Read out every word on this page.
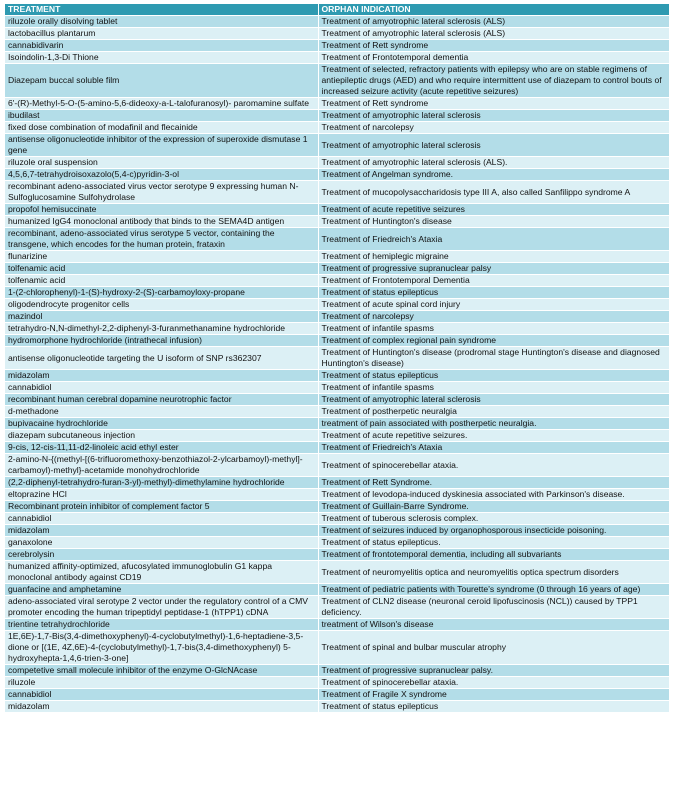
TREATMENT	ORPHAN INDICATION
riluzole orally disolving tablet	Treatment of amyotrophic lateral sclerosis (ALS)
lactobacillus plantarum	Treatment of amyotrophic lateral sclerosis (ALS)
cannabidivarin	Treatment of Rett syndrome
Isoindolin-1,3-Di Thione	Treatment of Frontotemporal dementia
Diazepam buccal soluble film	Treatment of selected, refractory patients with epilepsy who are on stable regimens of antiepileptic drugs (AED) and who require intermittent use of diazepam to control bouts of increased seizure activity (acute repetitive seizures)
6'-(R)-Methyl-5-O-(5-amino-5,6-dideoxy-a-L-talofuranosyl)- paromamine sulfate	Treatment of Rett syndrome
ibudilast	Treatment of amyotrophic lateral sclerosis
fixed dose combination of modafinil and flecainide	Treatment of narcolepsy
antisense oligonucleotide inhibitor of the expression of superoxide dismutase 1 gene	Treatment of amyotrophic lateral sclerosis
riluzole oral suspension	Treatment of amyotrophic lateral sclerosis (ALS).
4,5,6,7-tetrahydroisoxazolo(5,4-c)pyridin-3-ol	Treatment of Angelman syndrome.
recombinant adeno-associated virus vector serotype 9 expressing human N-Sulfoglucosamine Sulfohydrolase	Treatment of mucopolysaccharidosis type III A, also called Sanfilippo syndrome A
propofol hemisuccinate	Treatment of acute repetitive seizures
humanized IgG4 monoclonal antibody that binds to the SEMA4D antigen	Treatment of Huntington's disease
recombinant, adeno-associated virus serotype 5 vector, containing the transgene, which encodes for the human protein, frataxin	Treatment of Friedreich's Ataxia
flunarizine	Treatment of hemiplegic migraine
tolfenamic acid	Treatment of progressive supranuclear palsy
tolfenamic acid	Treatment of Frontotemporal Dementia
1-(2-chlorophenyl)-1-(S)-hydroxy-2-(S)-carbamoyloxy-propane	Treatment of status epilepticus
oligodendrocyte progenitor cells	Treatment of acute spinal cord injury
mazindol	Treatment of narcolepsy
tetrahydro-N,N-dimethyl-2,2-diphenyl-3-furanmethanamine hydrochloride	Treatment of infantile spasms
hydromorphone hydrochloride (intrathecal infusion)	Treatment of complex regional pain syndrome
antisense oligonucleotide targeting the U isoform of SNP rs362307	Treatment of Huntington's disease (prodromal stage Huntington's disease and diagnosed Huntington's disease)
midazolam	Treatment of status epilepticus
cannabidiol	Treatment of infantile spasms
recombinant human cerebral dopamine neurotrophic factor	Treatment of amyotrophic lateral sclerosis
d-methadone	Treatment of postherpetic neuralgia
bupivacaine hydrochloride	treatment of pain associated with postherpetic neuralgia.
diazepam subcutaneous injection	Treatment of acute repetitive seizures.
9-cis, 12-cis-11,11-d2-linoleic acid ethyl ester	Treatment of Friedreich's Ataxia
2-amino-N-{(methyl-[(6-trifluoromethoxy-benzothiazol-2-ylcarbamoyl)-methyl]-carbamoyl)-methyl}-acetamide monohydrochloride	Treatment of spinocerebellar ataxia.
(2,2-diphenyl-tetrahydro-furan-3-yl)-methyl)-dimethylamine hydrochloride	Treatment of Rett Syndrome.
eltoprazine HCl	Treatment of levodopa-induced dyskinesia associated with Parkinson's disease.
Recombinant protein inhibitor of complement factor 5	Treatment of Guillain-Barre Syndrome.
cannabidiol	Treatment of tuberous sclerosis complex.
midazolam	Treatment of seizures induced by organophosporous insecticide poisoning.
ganaxolone	Treatment of status epilepticus.
cerebrolysin	Treatment of frontotemporal dementia, including all subvariants
humanized affinity-optimized, afucosylated immunoglobulin G1 kappa monoclonal antibody against CD19	Treatment of neuromyelitis optica and neuromyelitis optica spectrum disorders
guanfacine and amphetamine	Treatment of pediatric patients with Tourette's syndrome (0 through 16 years of age)
adeno-associated viral serotype 2 vector under the regulatory control of a CMV promoter encoding the human tripeptidyl peptidase-1 (hTPP1) cDNA	Treatment of CLN2 disease (neuronal ceroid lipofuscinosis (NCL)) caused by TPP1 deficiency.
trientine tetrahydrochloride	treatment of Wilson's disease
1E,6E)-1,7-Bis(3,4-dimethoxyphenyl)-4-cyclobutylmethyl)-1,6-heptadiene-3,5-dione or [(1E, 4Z,6E)-4-(cyclobutylmethyl)-1,7-bis(3,4-dimethoxyphenyl) 5-hydroxyhepta-1,4,6-trien-3-one]	Treatment of spinal and bulbar muscular atrophy
competetive small molecule inhibitor of the enzyme O-GlcNAcase	Treatment of progressive supranuclear palsy.
riluzole	Treatment of spinocerebellar ataxia.
cannabidiol	Treatment of Fragile X syndrome
midazolam	Treatment of status epilepticus
